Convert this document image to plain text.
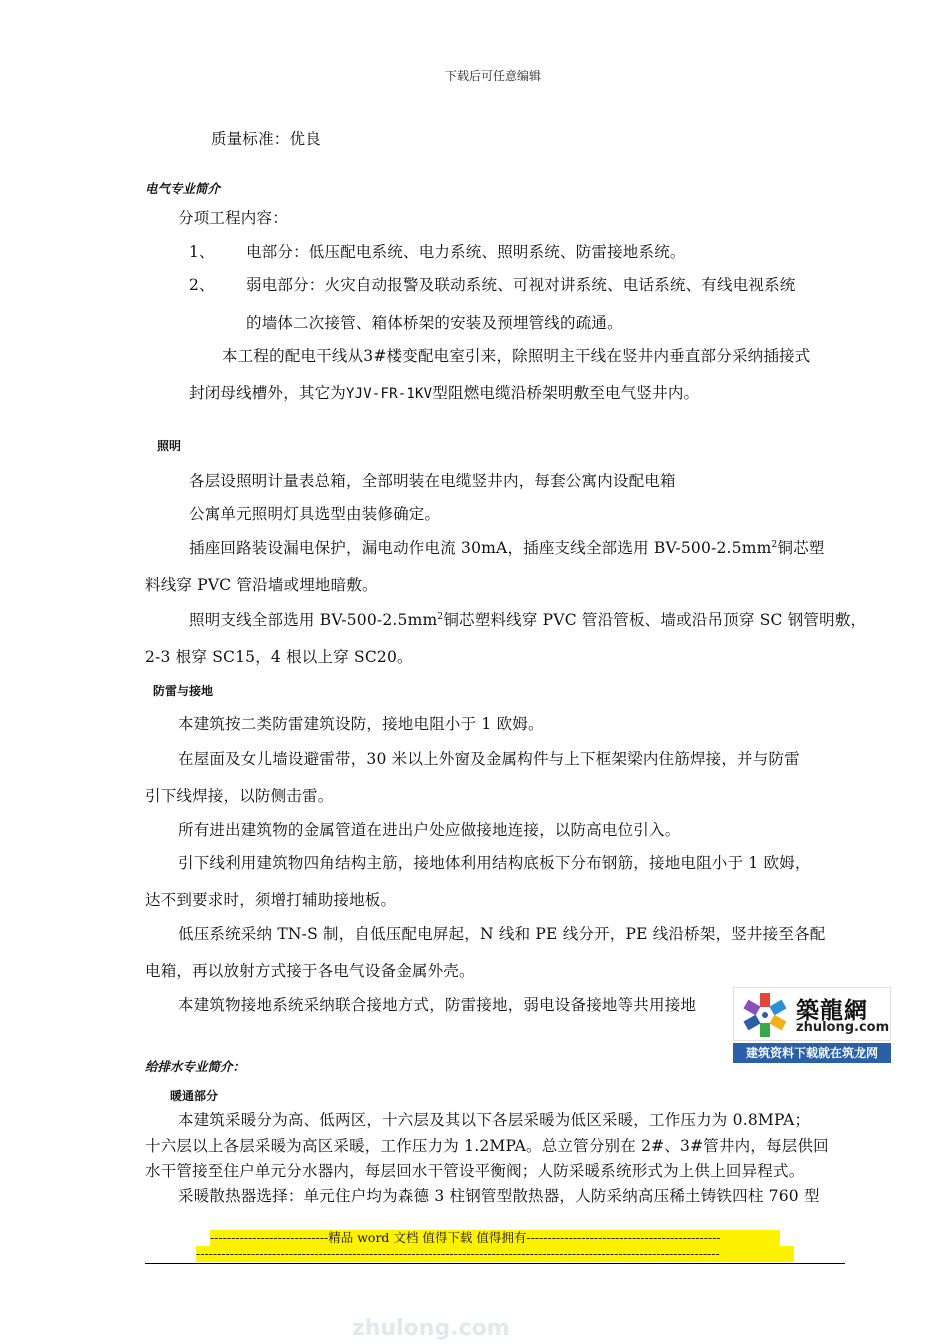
下载后可任意编辑
质量标准：优良
电气专业简介
分项工程内容：
1、 电部分：低压配电系统、电力系统、照明系统、防雷接地系统。
2、 弱电部分：火灾自动报警及联动系统、可视对讲系统、电话系统、有线电视系统
的墙体二次接管、箱体桥架的安装及预埋管线的疏通。
本工程的配电干线从3#楼变配电室引来，除照明主干线在竖井内垂直部分采纳插接式
封闭母线槽外，其它为YJV-FR-1KV型阻燃电缆沿桥架明敷至电气竖井内。
照明
各层设照明计量表总箱，全部明装在电缆竖井内，每套公寓内设配电箱
公寓单元照明灯具选型由装修确定。
插座回路装设漏电保护，漏电动作电流 30mA，插座支线全部选用 $BV-500-2.5mm^2$铜芯塑
料线穿 PVC 管沿墙或埋地暗敷。
照明支线全部选用 $BV-500-2.5mm^2$铜芯塑料线穿 PVC 管沿管板、墙或沿吊顶穿 SC 钢管明敷，
2-3 根穿 SC15，4 根以上穿 SC20。
防雷与接地
本建筑按二类防雷建筑设防，接地电阻小于 1 欧姆。
在屋面及女儿墙设避雷带，30 米以上外窗及金属构件与上下框架梁内住筋焊接，并与防雷
引下线焊接，以防侧击雷。
所有进出建筑物的金属管道在进出户处应做接地连接，以防高电位引入。
引下线利用建筑物四角结构主筋，接地体利用结构底板下分布钢筋，接地电阻小于 1 欧姆，
达不到要求时，须增打辅助接地板。
低压系统采纳 TN-S 制，自低压配电屏起，N 线和 PE 线分开，PE 线沿桥架，竖井接至各配
电箱，再以放射方式接于各电气设备金属外壳。
本建筑物接地系统采纳联合接地方式，防雷接地，弱电设备接地等共用接地	築龍網
zhulong.com
建筑资料下载就在筑龙网
给排水专业简介：
暖通部分
本建筑采暖分为高、低两区，十六层及其以下各层采暖为低区采暖，工作压力为 0.8MPA；
十六层以上各层采暖为高区采暖，工作压力为 1.2MPA。总立管分别在 2#、3#管井内，每层供回
水干管接至住户单元分水器内，每层回水干管设平衡阀；人防采暖系统形式为上供上回异程式。
采暖散热器选择：单元住户均为森德 3 柱钢管型散热器，人防采纳高压稀土铸铁四柱 760 型
zhulong.com
----------------------------精品 word 文档 值得下载 值得拥有----------------------------------------------
----------------------------------------------------------------------------------------------------------------------------
